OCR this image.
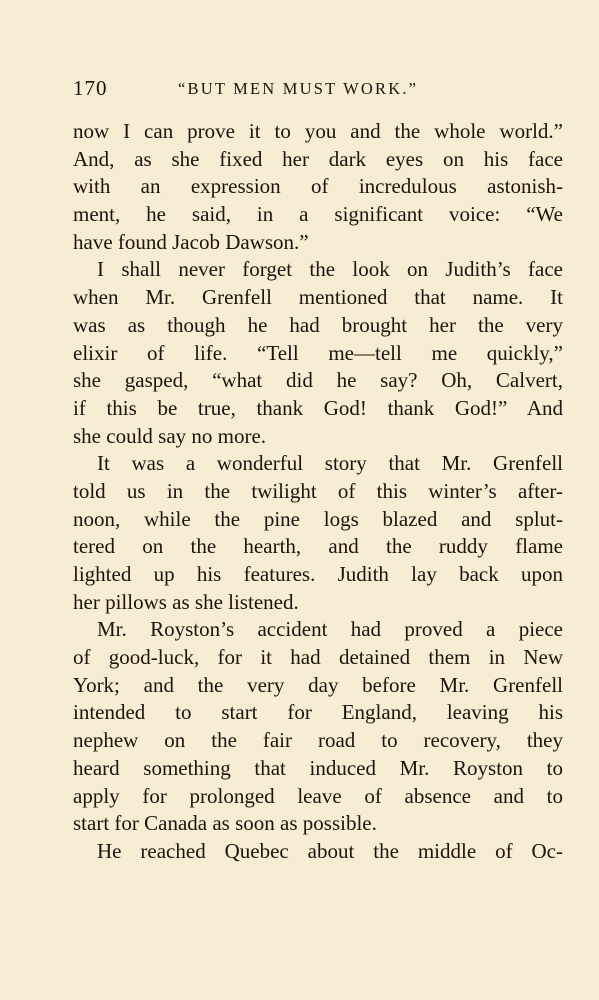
170	“BUT MEN MUST WORK.”
now I can prove it to you and the whole world.”
And, as she fixed her dark eyes on his face
with an expression of incredulous astonish-
ment, he said, in a significant voice: “We
have found Jacob Dawson.”
I shall never forget the look on Judith’s face
when Mr. Grenfell mentioned that name. It
was as though he had brought her the very
elixir of life. “Tell me—tell me quickly,”
she gasped, “what did he say? Oh, Calvert,
if this be true, thank God! thank God!” And
she could say no more.
It was a wonderful story that Mr. Grenfell
told us in the twilight of this winter’s after-
noon, while the pine logs blazed and splut-
tered on the hearth, and the ruddy flame
lighted up his features. Judith lay back upon
her pillows as she listened.
Mr. Royston’s accident had proved a piece
of good-luck, for it had detained them in New
York; and the very day before Mr. Grenfell
intended to start for England, leaving his
nephew on the fair road to recovery, they
heard something that induced Mr. Royston to
apply for prolonged leave of absence and to
start for Canada as soon as possible.
He reached Quebec about the middle of Oc-
